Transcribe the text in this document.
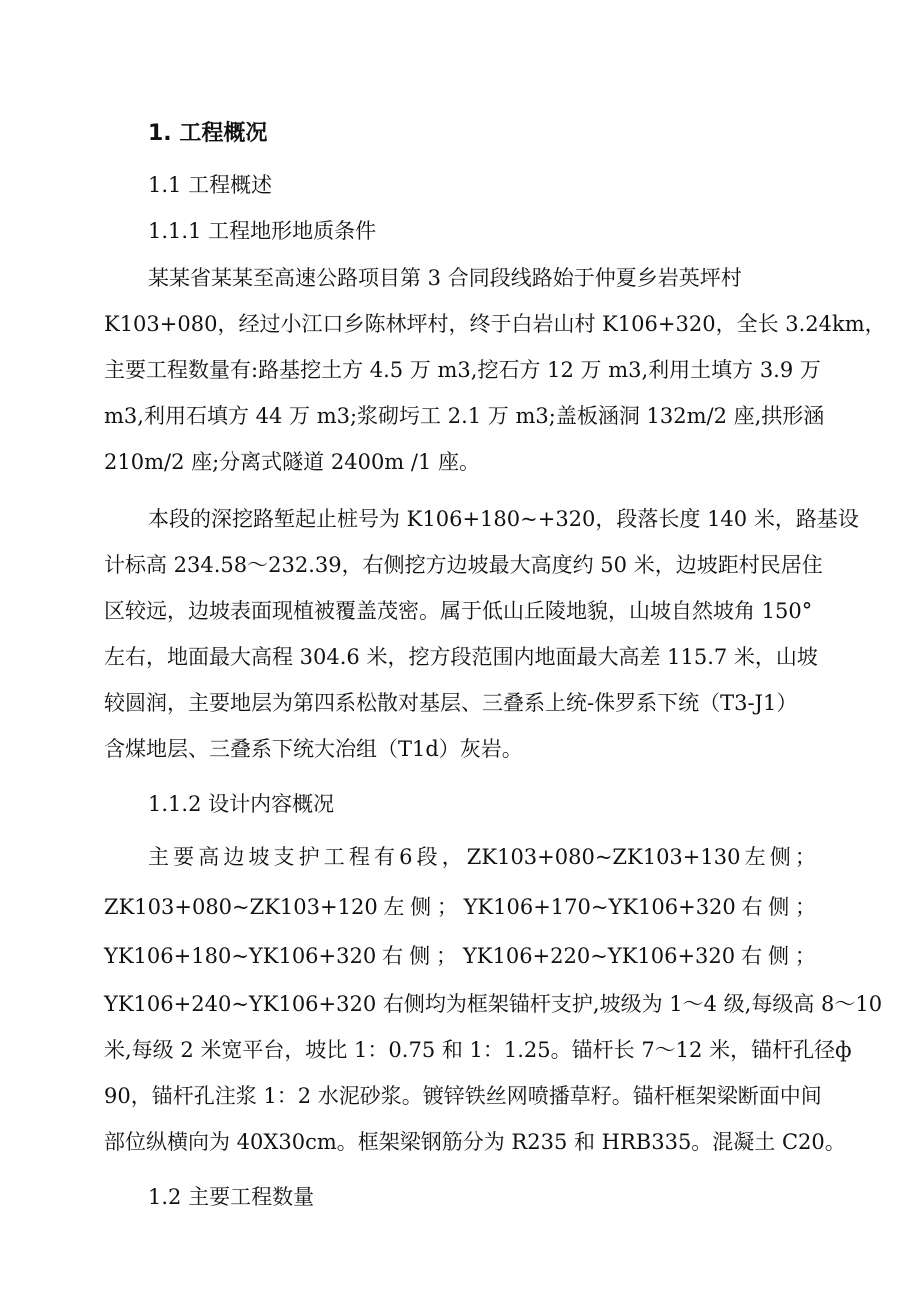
1. 工程概况
1.1 工程概述
1.1.1 工程地形地质条件
某某省某某至高速公路项目第 3 合同段线路始于仲夏乡岩英坪村
K103+080，经过小江口乡陈林坪村，终于白岩山村 K106+320，全长 3.24km，
主要工程数量有:路基挖土方 4.5 万 m3,挖石方 12 万 m3,利用土填方 3.9 万
m3,利用石填方 44 万 m3;浆砌圬工 2.1 万 m3;盖板涵洞 132m/2 座,拱形涵
210m/2 座;分离式隧道 2400m /1 座。
本段的深挖路堑起止桩号为 K106+180~+320，段落长度 140 米，路基设
计标高 234.58～232.39，右侧挖方边坡最大高度约 50 米，边坡距村民居住
区较远，边坡表面现植被覆盖茂密。属于低山丘陵地貌，山坡自然坡角 150°
左右，地面最大高程 304.6 米，挖方段范围内地面最大高差 115.7 米，山坡
较圆润，主要地层为第四系松散对基层、三叠系上统-侏罗系下统（T3-J1）
含煤地层、三叠系下统大冶组（T1d）灰岩。
1.1.2 设计内容概况
主 要 高 边 坡 支 护 工 程 有 6 段 ， ZK103+080~ZK103+130 左 侧 ；
ZK103+080~ZK103+120 左 侧 ； YK106+170~YK106+320 右 侧 ；
YK106+180~YK106+320 右 侧 ； YK106+220~YK106+320 右 侧 ；
YK106+240~YK106+320 右侧均为框架锚杆支护,坡级为 1～4 级,每级高 8～10
米,每级 2 米宽平台，坡比 1：0.75 和 1：1.25。锚杆长 7～12 米，锚杆孔径ф
90，锚杆孔注浆 1：2 水泥砂浆。镀锌铁丝网喷播草籽。锚杆框架梁断面中间
部位纵横向为 40X30cm。框架梁钢筋分为 R235 和 HRB335。混凝土 C20。
1.2 主要工程数量
